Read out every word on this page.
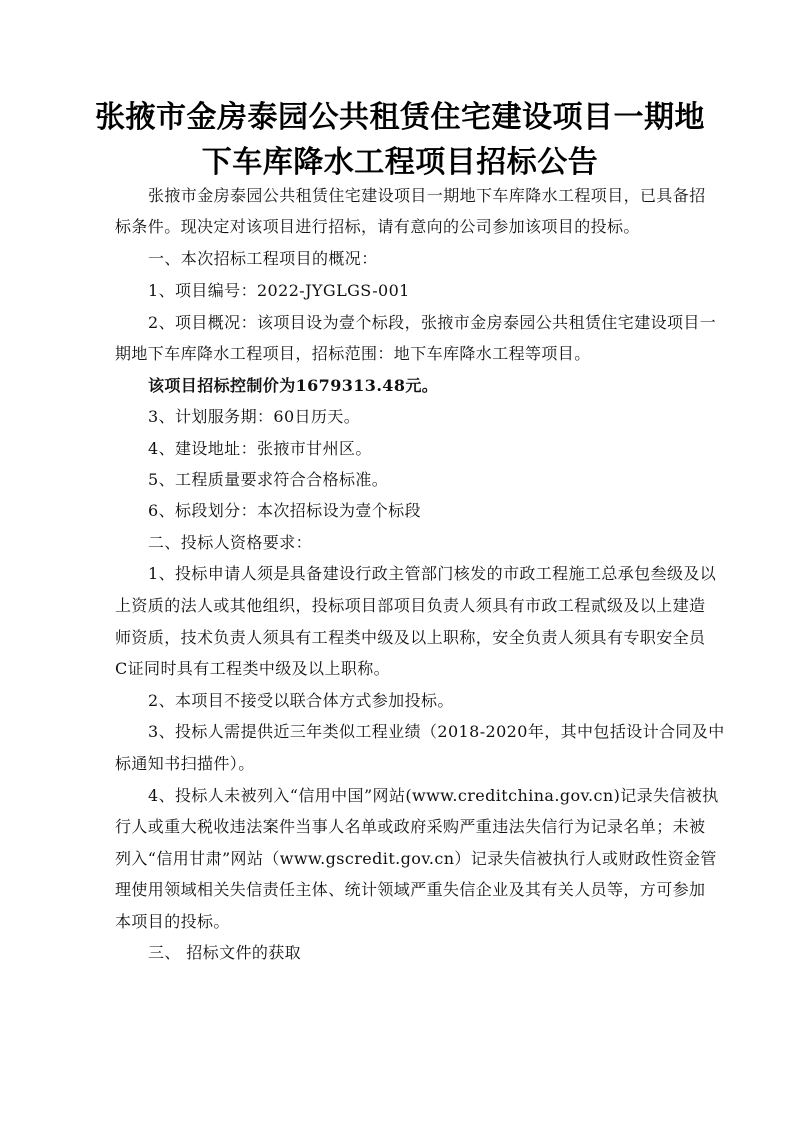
张掖市金房泰园公共租赁住宅建设项目一期地
下车库降水工程项目招标公告
张掖市金房泰园公共租赁住宅建设项目一期地下车库降水工程项目，已具备招
标条件。现决定对该项目进行招标，请有意向的公司参加该项目的投标。
一、本次招标工程项目的概况：
1、项目编号：2022-JYGLGS-001
2、项目概况：该项目设为壹个标段，张掖市金房泰园公共租赁住宅建设项目一
期地下车库降水工程项目，招标范围：地下车库降水工程等项目。
该项目招标控制价为1679313.48元。
3、计划服务期：60日历天。
4、建设地址：张掖市甘州区。
5、工程质量要求符合合格标准。
6、标段划分：本次招标设为壹个标段
二、投标人资格要求：
1、投标申请人须是具备建设行政主管部门核发的市政工程施工总承包叁级及以
上资质的法人或其他组织，投标项目部项目负责人须具有市政工程贰级及以上建造
师资质，技术负责人须具有工程类中级及以上职称，安全负责人须具有专职安全员
C证同时具有工程类中级及以上职称。
2、本项目不接受以联合体方式参加投标。
3、投标人需提供近三年类似工程业绩（2018-2020年，其中包括设计合同及中
标通知书扫描件）。
4、投标人未被列入“信用中国”网站(www.creditchina.gov.cn)记录失信被执
行人或重大税收违法案件当事人名单或政府采购严重违法失信行为记录名单；未被
列入“信用甘肃”网站（www.gscredit.gov.cn）记录失信被执行人或财政性资金管
理使用领域相关失信责任主体、统计领域严重失信企业及其有关人员等，方可参加
本项目的投标。
三、 招标文件的获取
